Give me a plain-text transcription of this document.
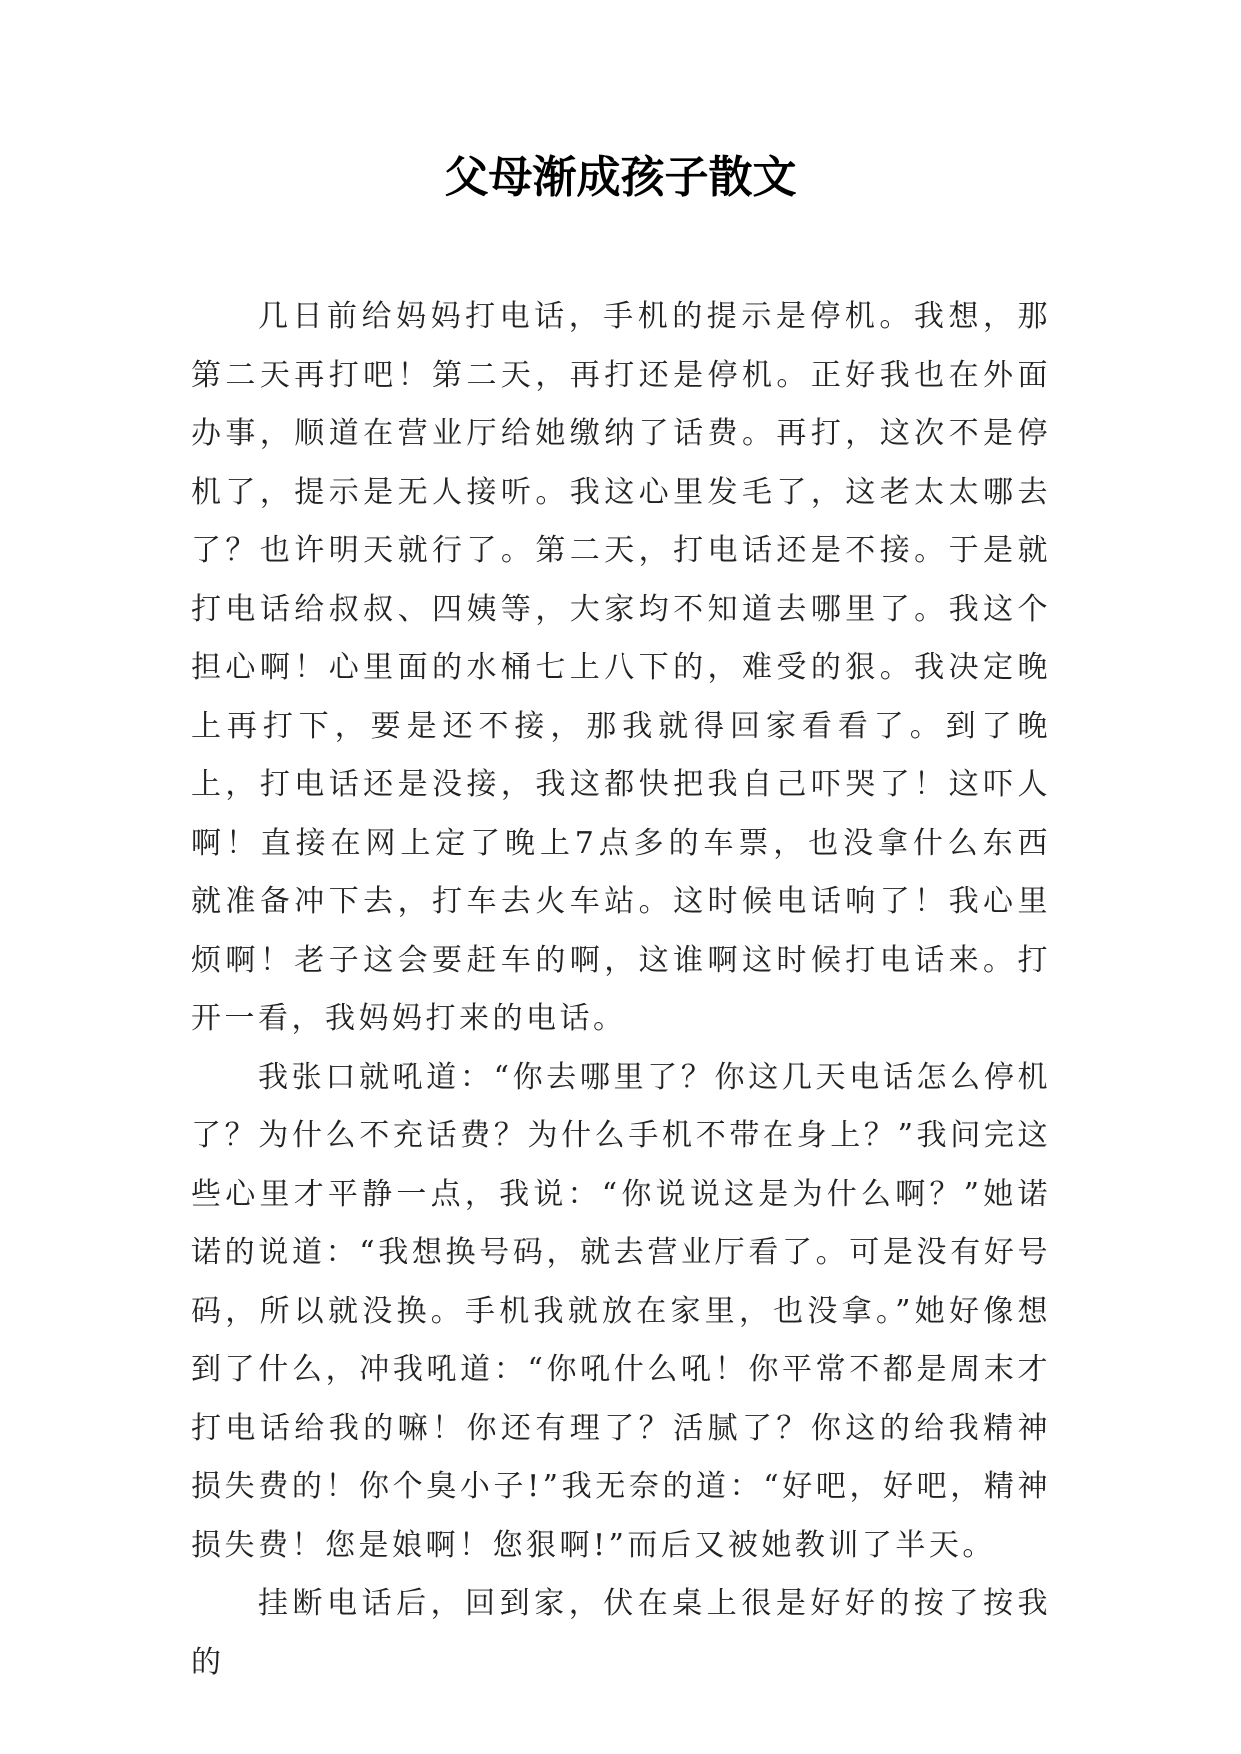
父母渐成孩子散文

几日前给妈妈打电话，手机的提示是停机。我想，那第二天再打吧！第二天，再打还是停机。正好我也在外面办事，顺道在营业厅给她缴纳了话费。再打，这次不是停机了，提示是无人接听。我这心里发毛了，这老太太哪去了？也许明天就行了。第二天，打电话还是不接。于是就打电话给叔叔、四姨等，大家均不知道去哪里了。我这个担心啊！心里面的水桶七上八下的，难受的狠。我决定晚上再打下，要是还不接，那我就得回家看看了。到了晚上，打电话还是没接，我这都快把我自己吓哭了！这吓人啊！直接在网上定了晚上7点多的车票，也没拿什么东西就准备冲下去，打车去火车站。这时候电话响了！我心里烦啊！老子这会要赶车的啊，这谁啊这时候打电话来。打开一看，我妈妈打来的电话。

我张口就吼道：“你去哪里了？你这几天电话怎么停机了？为什么不充话费？为什么手机不带在身上？”我问完这些心里才平静一点，我说：“你说说这是为什么啊？”她诺诺的说道：“我想换号码，就去营业厅看了。可是没有好号码，所以就没换。手机我就放在家里，也没拿。”她好像想到了什么，冲我吼道：“你吼什么吼！你平常不都是周末才打电话给我的嘛！你还有理了？活腻了？你这的给我精神损失费的！你个臭小子!”我无奈的道：“好吧，好吧，精神损失费！您是娘啊！您狠啊!”而后又被她教训了半天。

挂断电话后，回到家，伏在桌上很是好好的按了按我的
